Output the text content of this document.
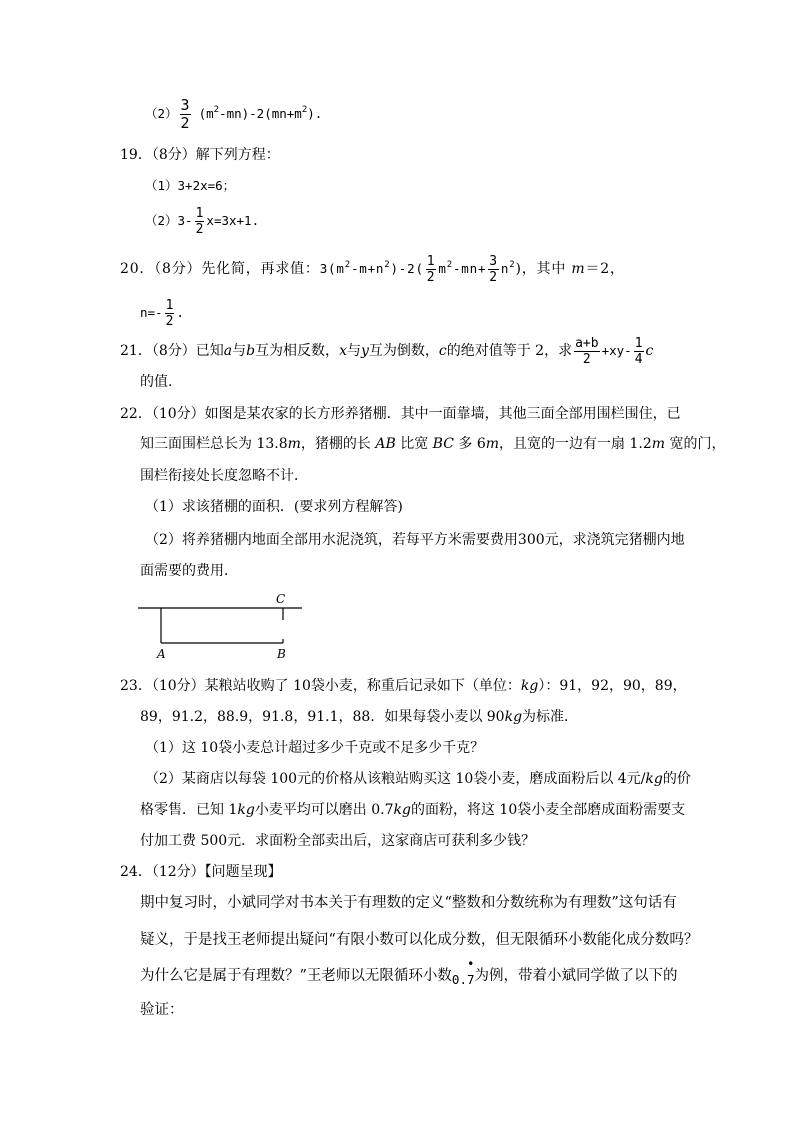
$(2) \frac{3}{2} (m^2-mn)-2(mn+m^2)$.
19．（8分）解下列方程：
（1）3+2x=6；
$(2)3- \frac{1}{2} x=3x+1$.
20．（8分）先化简，再求值：$3(m^2-m+n^2)-2( \frac{1}{2} m^2-mn+ \frac{3}{2} n^2)$，其中 m＝2，
$n=- \frac{1}{2}$ .
21．（8分）已知a与b互为相反数，x与y互为倒数，c的绝对值等于 2，求 $\frac{a+b}{2} +xy- \frac{1}{4}$ c
的值.
22．（10分）如图是某农家的长方形养猪棚．其中一面靠墙，其他三面全部用围栏围住，已
知三面围栏总长为 13.8m，猪棚的长 AB 比宽 BC 多 6m，且宽的一边有一扇 1.2m 宽的门，
围栏衔接处长度忽略不计．
（1）求该猪棚的面积．(要求列方程解答)
（2）将养猪棚内地面全部用水泥浇筑，若每平方米需要费用300元，求浇筑完猪棚内地
面需要的费用．
C
A	B
23．（10分）某粮站收购了 10袋小麦，称重后记录如下（单位：kg）：91，92，90，89，
89，91.2，88.9，91.8，91.1，88．如果每袋小麦以 90kg为标准．
（1）这 10袋小麦总计超过多少千克或不足多少千克？
（2）某商店以每袋 100元的价格从该粮站购买这 10袋小麦，磨成面粉后以 4元/kg的价
格零售．已知 1kg小麦平均可以磨出 0.7kg的面粉，将这 10袋小麦全部磨成面粉需要支
付加工费 500元．求面粉全部卖出后，这家商店可获利多少钱？
24．（12分）【问题呈现】
期中复习时，小斌同学对书本关于有理数的定义“整数和分数统称为有理数”这句话有
疑义，于是找王老师提出疑问“有限小数可以化成分数，但无限循环小数能化成分数吗？
为什么它是属于有理数？”王老师以无限循环小数0.
•
7为例，带着小斌同学做了以下的
验证：
